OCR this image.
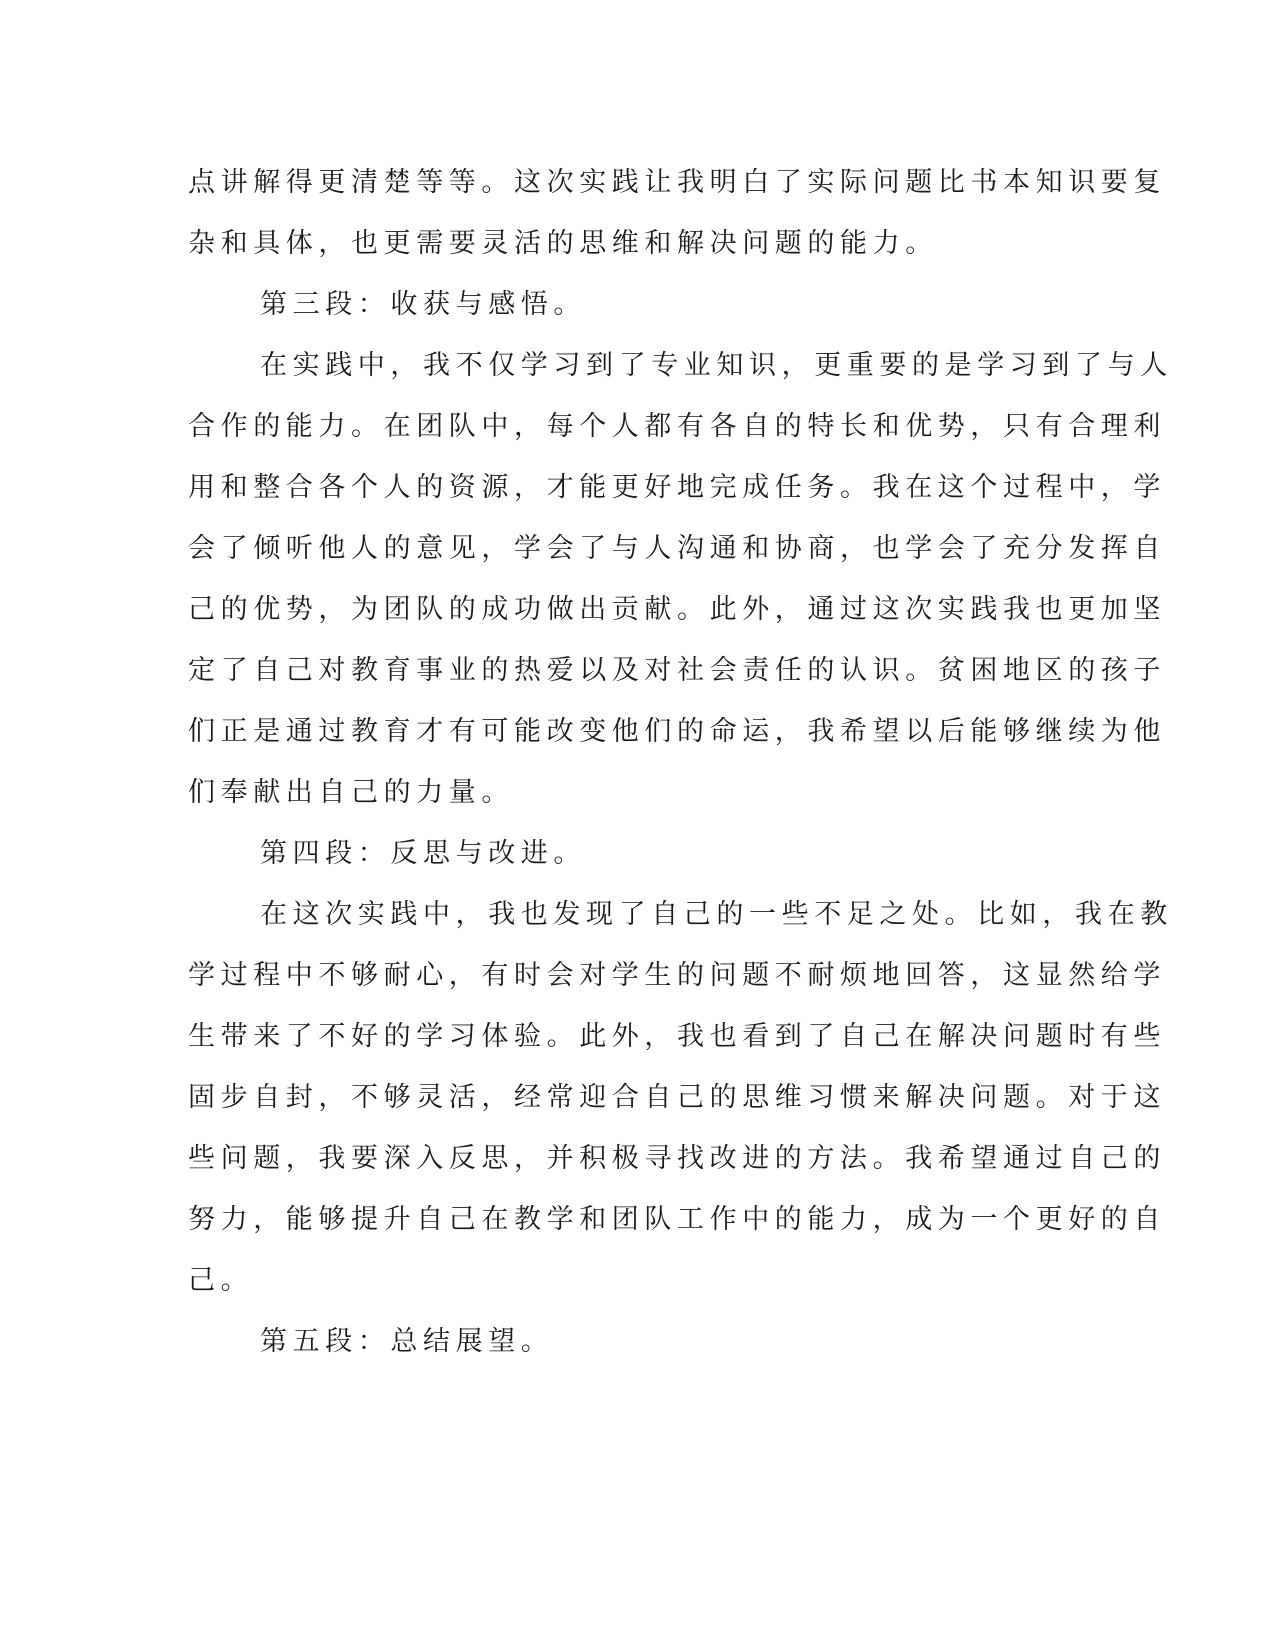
点讲解得更清楚等等。这次实践让我明白了实际问题比书本知识要复
杂和具体，也更需要灵活的思维和解决问题的能力。
第三段：收获与感悟。
在实践中，我不仅学习到了专业知识，更重要的是学习到了与人
合作的能力。在团队中，每个人都有各自的特长和优势，只有合理利
用和整合各个人的资源，才能更好地完成任务。我在这个过程中，学
会了倾听他人的意见，学会了与人沟通和协商，也学会了充分发挥自
己的优势，为团队的成功做出贡献。此外，通过这次实践我也更加坚
定了自己对教育事业的热爱以及对社会责任的认识。贫困地区的孩子
们正是通过教育才有可能改变他们的命运，我希望以后能够继续为他
们奉献出自己的力量。
第四段：反思与改进。
在这次实践中，我也发现了自己的一些不足之处。比如，我在教
学过程中不够耐心，有时会对学生的问题不耐烦地回答，这显然给学
生带来了不好的学习体验。此外，我也看到了自己在解决问题时有些
固步自封，不够灵活，经常迎合自己的思维习惯来解决问题。对于这
些问题，我要深入反思，并积极寻找改进的方法。我希望通过自己的
努力，能够提升自己在教学和团队工作中的能力，成为一个更好的自
己。
第五段：总结展望。
